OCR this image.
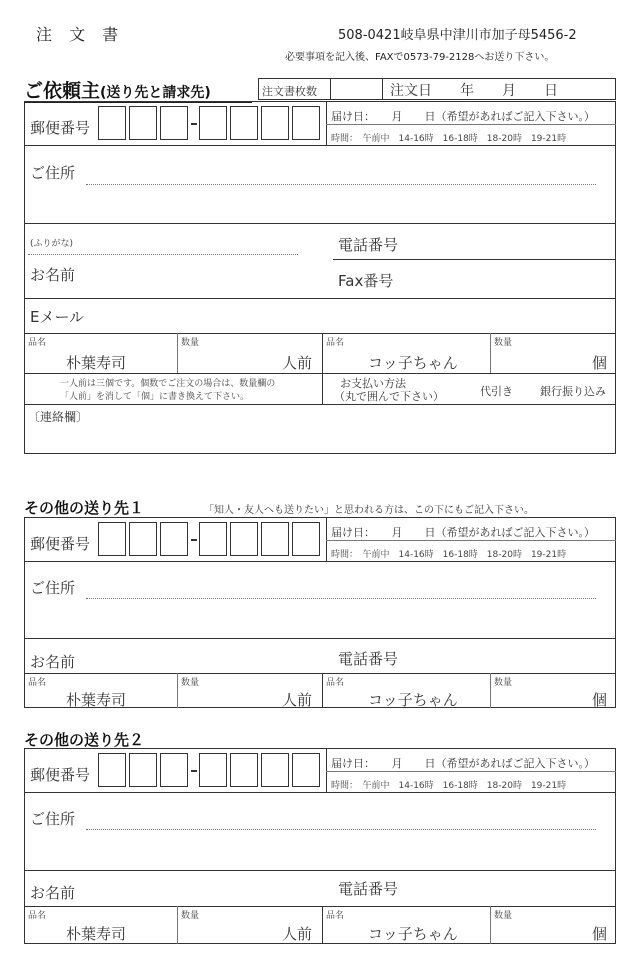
注 文 書	508-0421岐阜県中津川市加子母5456-2
必要事項を記入後、FAXで0573-79-2128へお送り下さい。
ご依頼主(送り先と請求先)	注文書枚数	注文日　　年　　月　　日
郵便番号
届け日：　　月　　日（希望があればご記入下さい。）
時間：　午前中　14-16時　16-18時　18-20時　19-21時
ご住所
(ふりがな)
お名前
電話番号
Fax番号
Eメール
品名	数量	品名	数量
朴葉寿司	人前	コッ子ちゃん	個
一人前は三個です。個数でご注文の場合は、数量欄の
「人前」を消して「個」に書き換えて下さい。
お支払い方法
（丸で囲んで下さい）	代引き 銀行振り込み
〔連絡欄〕
その他の送り先１	「知人・友人へも送りたい」と思われる方は、この下にもご記入下さい。
郵便番号
届け日：　　月　　日（希望があればご記入下さい。）
時間：　午前中　14-16時　16-18時　18-20時　19-21時
ご住所
お名前	電話番号
品名	数量	品名	数量
朴葉寿司	人前	コッ子ちゃん	個
その他の送り先２
郵便番号
届け日：　　月　　日（希望があればご記入下さい。）
時間：　午前中　14-16時　16-18時　18-20時　19-21時
ご住所
お名前	電話番号
品名	数量	品名	数量
朴葉寿司	人前	コッ子ちゃん	個
